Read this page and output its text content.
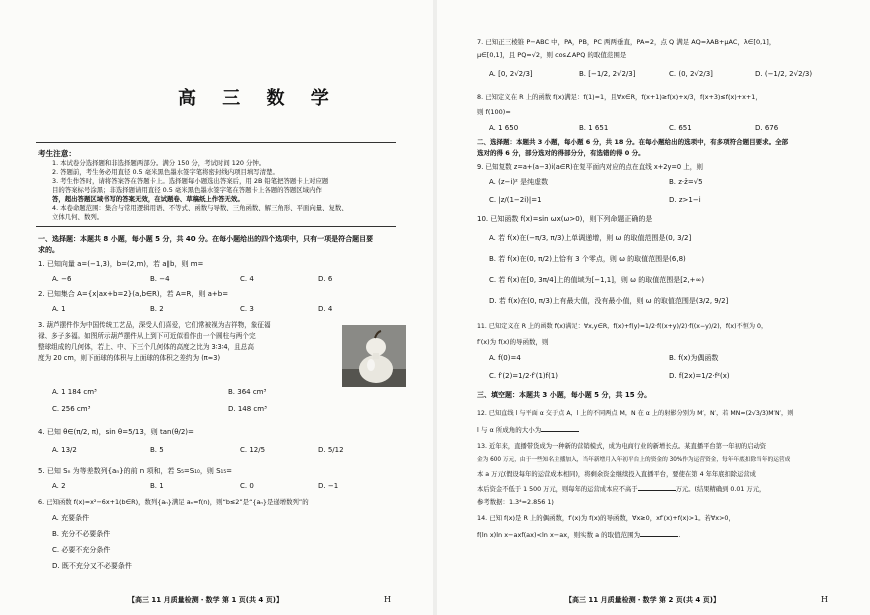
高 三 数 学
考生注意：
1. 本试卷分选择题和非选择题两部分。满分 150 分，考试时间 120 分钟。
2. 答题前，考生务必用直径 0.5 毫米黑色墨水签字笔将密封线内项目填写清楚。
3. 考生作答时，请将答案答在答题卡上。选择题每小题选出答案后，用 2B 铅笔把答题卡上对应题
目的答案标号涂黑；非选择题请用直径 0.5 毫米黑色墨水签字笔在答题卡上各题的答题区域内作
答，超出答题区域书写的答案无效，在试题卷、草稿纸上作答无效。
4. 本卷命题范围：集合与常用逻辑用语、不等式、函数与导数、三角函数、解三角形、平面向量、复数、
立体几何、数列。
一、选择题：本题共 8 小题，每小题 5 分，共 40 分。在每小题给出的四个选项中，只有一项是符合题目要
求的。
1. 已知向量 a=(−1,3)，b=(2,m)，若 a∥b，则 m=
A. −6	B. −4	C. 4	D. 6
2. 已知集合 A={x|ax+b=2}(a,b∈R)，若 A=R，则 a+b=
A. 1	B. 2	C. 3	D. 4
3. 葫芦摆件作为中国传统工艺品，深受人们喜爱，它们常被视为吉祥物，象征福
禄、多子多福。如图所示葫芦摆件从上到下可近似看作由一个圆柱与两个完
整球组成的几何体，若上、中、下三个几何体的高度之比为 3∶3∶4，且总高
度为 20 cm，则下面球的体积与上面球的体积之差约为 (π≈3)
A. 1 184 cm³	B. 364 cm³
C. 256 cm³	D. 148 cm³
4. 已知 θ∈(π/2, π)，sin θ=5/13，则 tan(θ/2)=
A. 13/2	B. 5	C. 12/5	D. 5/12
5. 已知 Sₙ 为等差数列{aₙ}的前 n 项和，若 S₅=S₁₀，则 S₁₅=
A. 2	B. 1	C. 0	D. −1
6. 已知函数 f(x)=x²−6x+1(b∈R)，数列{aₙ}满足 aₙ=f(n)，则“b≤2”是“{aₙ}是递增数列”的
A. 充要条件
B. 充分不必要条件
C. 必要不充分条件
D. 既不充分又不必要条件
【高三 11 月质量检测・数学 第 1 页(共 4 页)】	H
7. 已知正三棱锥 P−ABC 中，PA，PB，PC 两两垂直，PA=2，点 Q 满足 AQ=λAB+μAC，λ∈[0,1]，
μ∈[0,1]，且 PQ=√2，则 cos∠APQ 的取值范围是
A. [0, 2√2/3]	B. [−1/2, 2√2/3]	C. (0, 2√2/3]	D. (−1/2, 2√2/3)
8. 已知定义在 R 上的函数 f(x)满足：f(1)=1，且∀x∈R，f(x+1)≥f(x)+x/3，f(x+3)≤f(x)+x+1，
则 f(100)=
A. 1 650	B. 1 651	C. 651	D. 676
二、选择题：本题共 3 小题，每小题 6 分，共 18 分。在每小题给出的选项中，有多项符合题目要求。全部
选对的得 6 分，部分选对的得部分分，有选错的得 0 分。
9. 已知复数 z=a+(a−3)i(a∈R)在复平面内对应的点在直线 x+2y=0 上，则
A. (z−i)² 是纯虚数	B. z·z̄=√5
C. |z/(1−2i)|=1	D. z>1−i
10. 已知函数 f(x)=sin ωx(ω>0)，则下列命题正确的是
A. 若 f(x)在(−π/3, π/3)上单调递增，则 ω 的取值范围是(0, 3/2]
B. 若 f(x)在(0, π/2)上恰有 3 个零点，则 ω 的取值范围是(6,8)
C. 若 f(x)在[0, 3π/4]上的值域为[−1,1]，则 ω 的取值范围是[2,+∞)
D. 若 f(x)在(0, π/3)上有最大值，没有最小值，则 ω 的取值范围是(3/2, 9/2]
11. 已知定义在 R 上的函数 f(x)满足：∀x,y∈R，f(x)+f(y)=1/2·f((x+y)/2)·f((x−y)/2)，f(x)不恒为 0，
f′(x)为 f(x)的导函数，则
A. f(0)=4	B. f(x)为偶函数
C. f′(2)=1/2·f′(1)f(1)	D. f(2x)=1/2·f²(x)
三、填空题：本题共 3 小题，每小题 5 分，共 15 分。
12. 已知直线 l 与平面 α 交于点 A，l 上的不同两点 M，N 在 α 上的射影分别为 M′，N′，若 MN=(2√3/3)M′N′，则
l 与 α 所成角的大小为
13. 近年来，直播带货成为一种新的营销模式，成为电商行业的新增长点。某直播平台第一年初的启动资
金为 600 万元，由于一些知名主播加入，当年新增月入年初平台上的资金的 30%作为运营资金，每年年底扣除当年的运营成
本 a 万元(假设每年的运营成本相同)，将剩余资金继续投入直播平台，要使在第 4 年年底扣除运营成
本后资金不低于 1 500 万元，则每年的运营成本应不高于	万元。(结果精确到 0.01 万元，
参考数据：1.3⁴=2.856 1)
14. 已知 f(x)是 R 上的偶函数，f′(x)为 f(x)的导函数，∀x≥0，xf′(x)+f(x)>1。若∀x>0，
f(ln x)ln x−axf(ax)<ln x−ax，则实数 a 的取值范围为	.
【高三 11 月质量检测・数学 第 2 页(共 4 页)】	H
